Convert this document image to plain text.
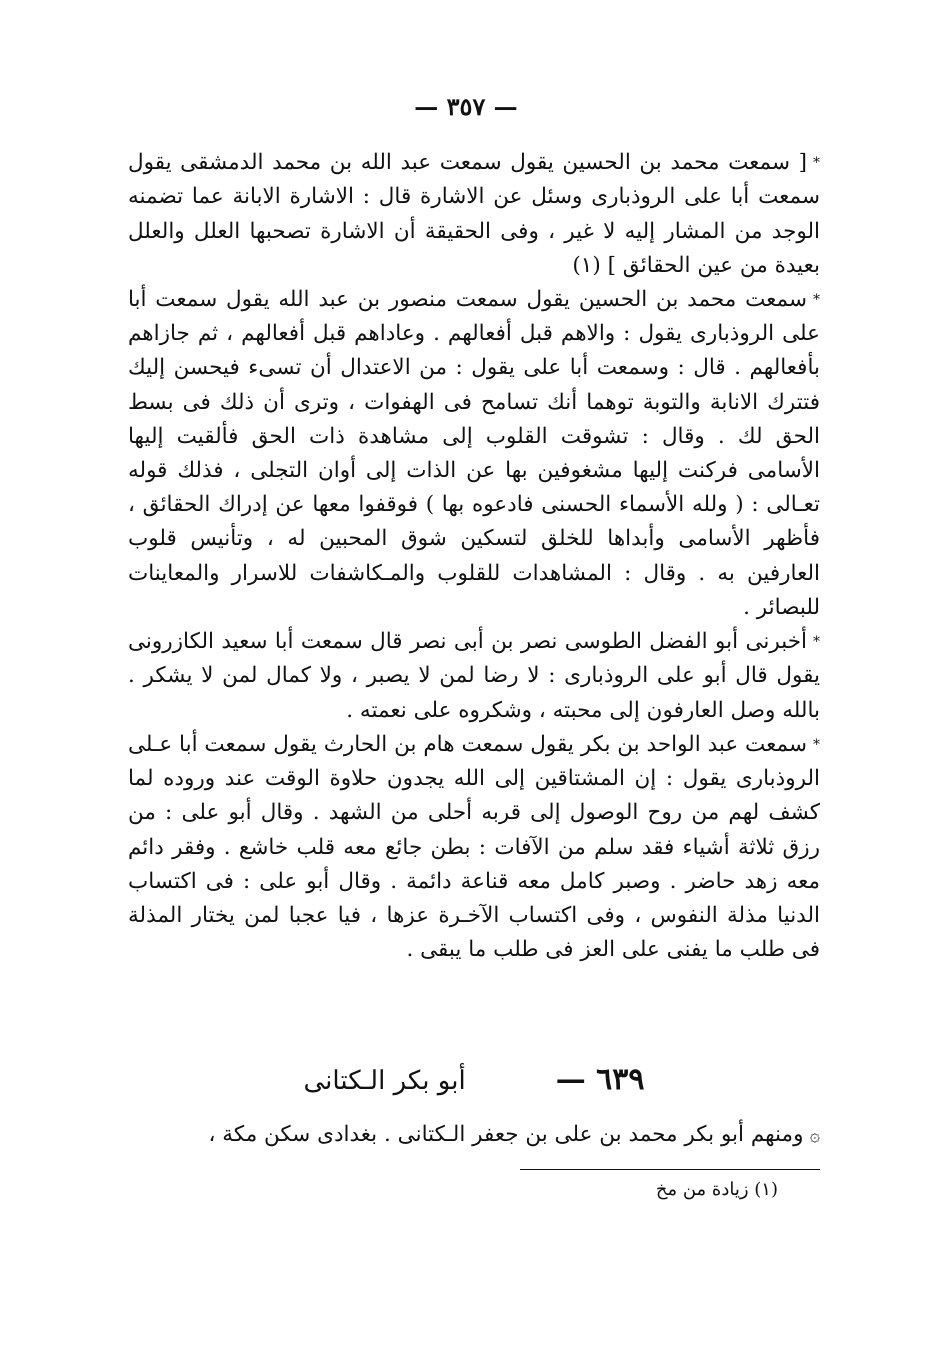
— ٣٥٧ —

*[ سمعت محمد بن الحسين يقول سمعت عبد الله بن محمد الدمشقى يقول سمعت أبا على الروذبارى وسئل عن الاشارة قال : الاشارة الابانة عما تضمنه الوجد من المشار إليه لا غير ، وفى الحقيقة أن الاشارة تصحبها العلل والعلل بعيدة من عين الحقائق ] (١)

*سمعت محمد بن الحسين يقول سمعت منصور بن عبد الله يقول سمعت أبا على الروذبارى يقول : والاهم قبل أفعالهم . وعاداهم قبل أفعالهم ، ثم جازاهم بأفعالهم . قال : وسمعت أبا على يقول : من الاعتدال أن تسىء فيحسن إليك فتترك الانابة والتوبة توهما أنك تسامح فى الهفوات ، وترى أن ذلك فى بسط الحق لك . وقال : تشوقت القلوب إلى مشاهدة ذات الحق فألقيت إليها الأسامى فركنت إليها مشغوفين بها عن الذات إلى أوان التجلى ، فذلك قوله تعـالى : ( ولله الأسماء الحسنى فادعوه بها ) فوقفوا معها عن إدراك الحقائق ، فأظهر الأسامى وأبداها للخلق لتسكين شوق المحبين له ، وتأنيس قلوب العارفين به . وقال : المشاهدات للقلوب والمـكاشفات للاسرار والمعاينات للبصائر .

*أخبرنى أبو الفضل الطوسى نصر بن أبى نصر قال سمعت أبا سعيد الكازرونى يقول قال أبو على الروذبارى : لا رضا لمن لا يصبر ، ولا كمال لمن لا يشكر . بالله وصل العارفون إلى محبته ، وشكروه على نعمته .

*سمعت عبد الواحد بن بكر يقول سمعت هام بن الحارث يقول سمعت أبا عـلى الروذبارى يقول : إن المشتاقين إلى الله يجدون حلاوة الوقت عند وروده لما كشف لهم من روح الوصول إلى قربه أحلى من الشهد . وقال أبو على : من رزق ثلاثة أشياء فقد سلم من الآفات : بطن جائع معه قلب خاشع . وفقر دائم معه زهد حاضر . وصبر كامل معه قناعة دائمة . وقال أبو على : فى اكتساب الدنيا مذلة النفوس ، وفى اكتساب الآخـرة عزها ، فيا عجبا لمن يختار المذلة فى طلب ما يفنى على العز فى طلب ما يبقى .

٦٣٩ —
أبو بكر الـكتانى
۞ومنهم أبو بكر محمد بن على بن جعفر الـكتانى . بغدادى سكن مكة ،
(١) زيادة من مخ
